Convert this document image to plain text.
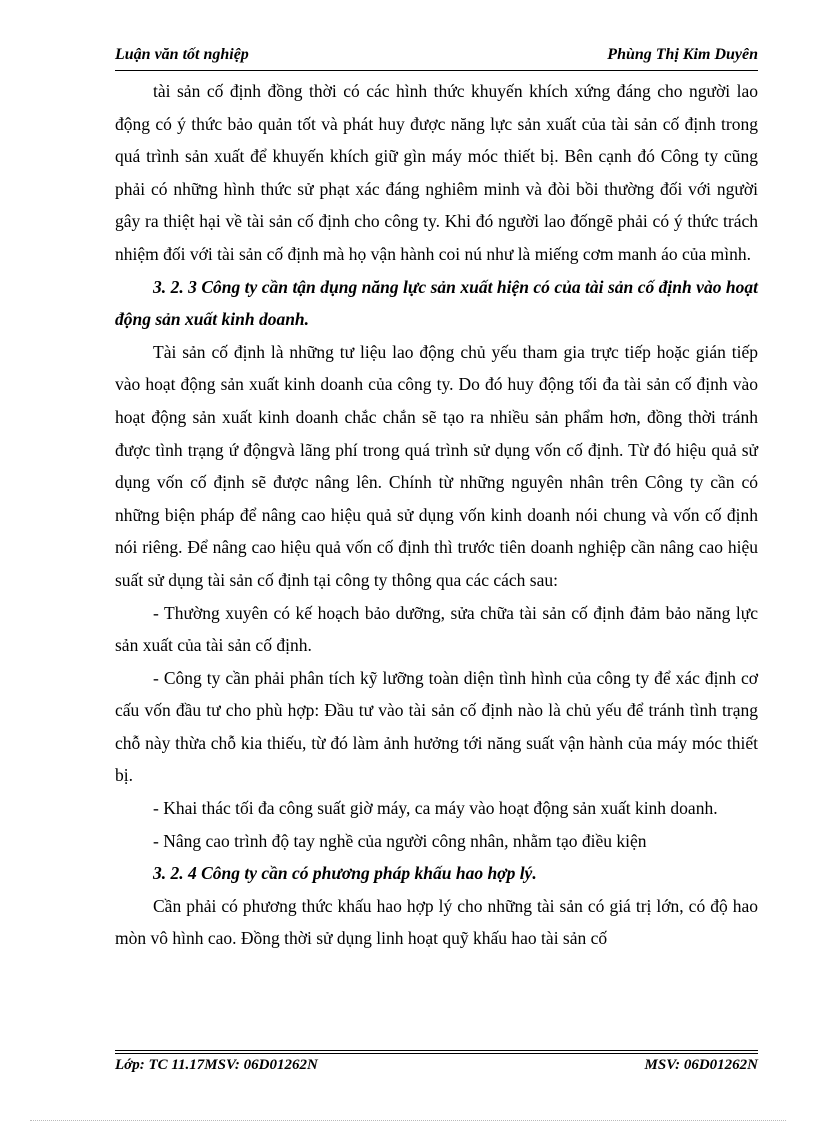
Luận văn tốt nghiệp	Phùng Thị Kim Duyên

tài sản cố định đồng thời có các hình thức khuyến khích xứng đáng cho người lao động có ý thức bảo quản tốt và phát huy được năng lực sản xuất của tài sản cố định trong quá trình sản xuất để khuyến khích giữ gìn máy móc thiết bị. Bên cạnh đó Công ty cũng phải có những hình thức sử phạt xác đáng nghiêm minh và đòi bồi thường đối với người gây ra thiệt hại về tài sản cố định cho công ty. Khi đó người lao đốngẽ phải có ý thức trách nhiệm đối với tài sản cố định mà họ vận hành coi nú như là miếng cơm manh áo của mình.

3. 2. 3 Công ty cần tận dụng năng lực sản xuất hiện có của tài sản cố định vào hoạt động sản xuất kinh doanh.

Tài sản cố định là những tư liệu lao động chủ yếu tham gia trực tiếp hoặc gián tiếp vào hoạt động sản xuất kinh doanh của công ty. Do đó huy động tối đa tài sản cố định vào hoạt động sản xuất kinh doanh chắc chắn sẽ tạo ra nhiều sản phẩm hơn, đồng thời tránh được tình trạng ứ độngvà lãng phí trong quá trình sử dụng vốn cố định. Từ đó hiệu quả sử dụng vốn cố định sẽ được nâng lên. Chính từ những nguyên nhân trên Công ty cần có những biện pháp để nâng cao hiệu quả sử dụng vốn kinh doanh nói chung và vốn cố định nói riêng. Để nâng cao hiệu quả vốn cố định thì trước tiên doanh nghiệp cần nâng cao hiệu suất sử dụng tài sản cố định tại công ty thông qua các cách sau:

- Thường xuyên có kế hoạch bảo dưỡng, sửa chữa tài sản cố định đảm bảo năng lực sản xuất của tài sản cố định.

- Công ty cần phải phân tích kỹ lưỡng toàn diện tình hình của công ty để xác định cơ cấu vốn đầu tư cho phù hợp: Đầu tư vào tài sản cố định nào là chủ yếu để tránh tình trạng chỗ này thừa chỗ kia thiếu, từ đó làm ảnh hưởng tới năng suất vận hành của máy móc thiết bị.

- Khai thác tối đa công suất giờ máy, ca máy vào hoạt động sản xuất kinh doanh.

- Nâng cao trình độ tay nghề của người công nhân, nhằm tạo điều kiện

3. 2. 4 Công ty cần có phương pháp khấu hao hợp lý.

Cần phải có phương thức khấu hao hợp lý cho những tài sản có giá trị lớn, có độ hao mòn vô hình cao. Đồng thời sử dụng linh hoạt quỹ khấu hao tài sản cố

Lớp: TC 11.17MSV: 06D01262N	MSV: 06D01262N
